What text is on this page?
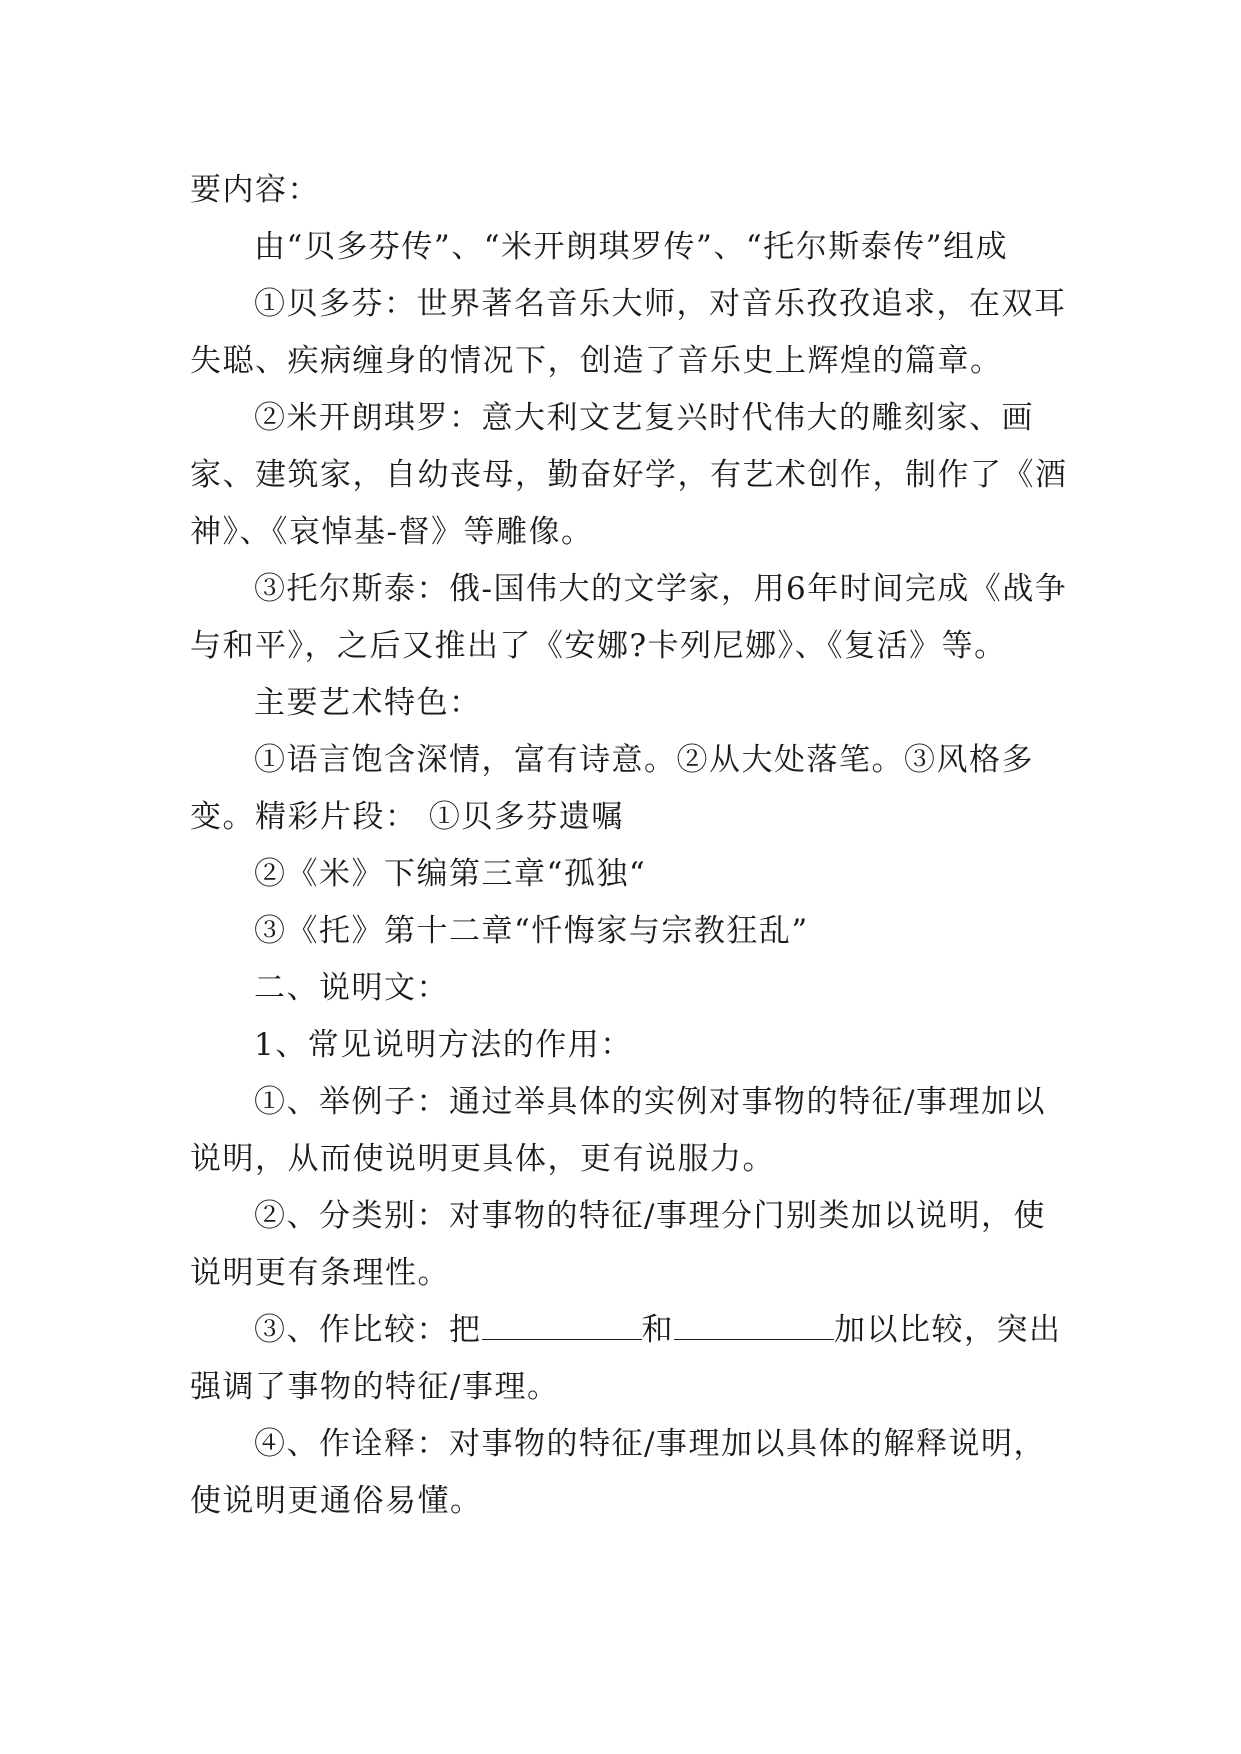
要内容：

由“贝多芬传”、“米开朗琪罗传”、“托尔斯泰传”组成

①贝多芬：世界著名音乐大师，对音乐孜孜追求，在双耳失聪、疾病缠身的情况下，创造了音乐史上辉煌的篇章。

②米开朗琪罗：意大利文艺复兴时代伟大的雕刻家、画家、建筑家，自幼丧母，勤奋好学，有艺术创作，制作了《酒神》、《哀悼基-督》等雕像。

③托尔斯泰：俄-国伟大的文学家，用6年时间完成《战争与和平》，之后又推出了《安娜?卡列尼娜》、《复活》等。

主要艺术特色：

①语言饱含深情，富有诗意。②从大处落笔。③风格多变。精彩片段： ①贝多芬遗嘱

②《米》下编第三章“孤独“

③《托》第十二章“忏悔家与宗教狂乱”

二、说明文：

1、常见说明方法的作用：

①、举例子：通过举具体的实例对事物的特征/事理加以说明，从而使说明更具体，更有说服力。

②、分类别：对事物的特征/事理分门别类加以说明，使说明更有条理性。

③、作比较：把	和	加以比较，突出强调了事物的特征/事理。

④、作诠释：对事物的特征/事理加以具体的解释说明，使说明更通俗易懂。
